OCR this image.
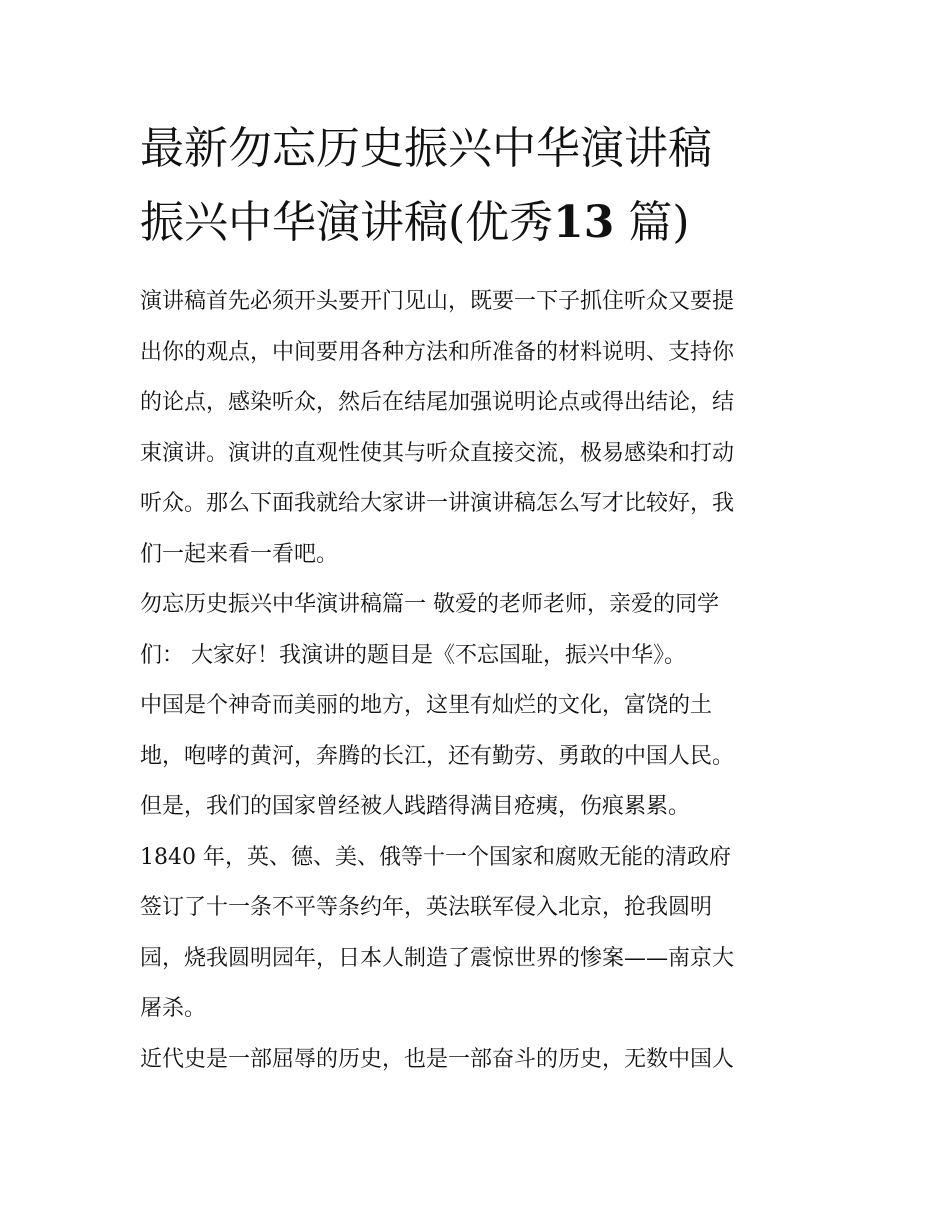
最新勿忘历史振兴中华演讲稿
振兴中华演讲稿(优秀13 篇)
演讲稿首先必须开头要开门见山，既要一下子抓住听众又要提
出你的观点，中间要用各种方法和所准备的材料说明、支持你
的论点，感染听众，然后在结尾加强说明论点或得出结论，结
束演讲。演讲的直观性使其与听众直接交流，极易感染和打动
听众。那么下面我就给大家讲一讲演讲稿怎么写才比较好，我
们一起来看一看吧。
勿忘历史振兴中华演讲稿篇一 敬爱的老师老师，亲爱的同学
们： 大家好！我演讲的题目是《不忘国耻，振兴中华》。
中国是个神奇而美丽的地方，这里有灿烂的文化，富饶的土
地，咆哮的黄河，奔腾的长江，还有勤劳、勇敢的中国人民。
但是，我们的国家曾经被人践踏得满目疮痍，伤痕累累。
1840 年，英、德、美、俄等十一个国家和腐败无能的清政府
签订了十一条不平等条约年，英法联军侵入北京，抢我圆明
园，烧我圆明园年，日本人制造了震惊世界的惨案——南京大
屠杀。
近代史是一部屈辱的历史，也是一部奋斗的历史，无数中国人
